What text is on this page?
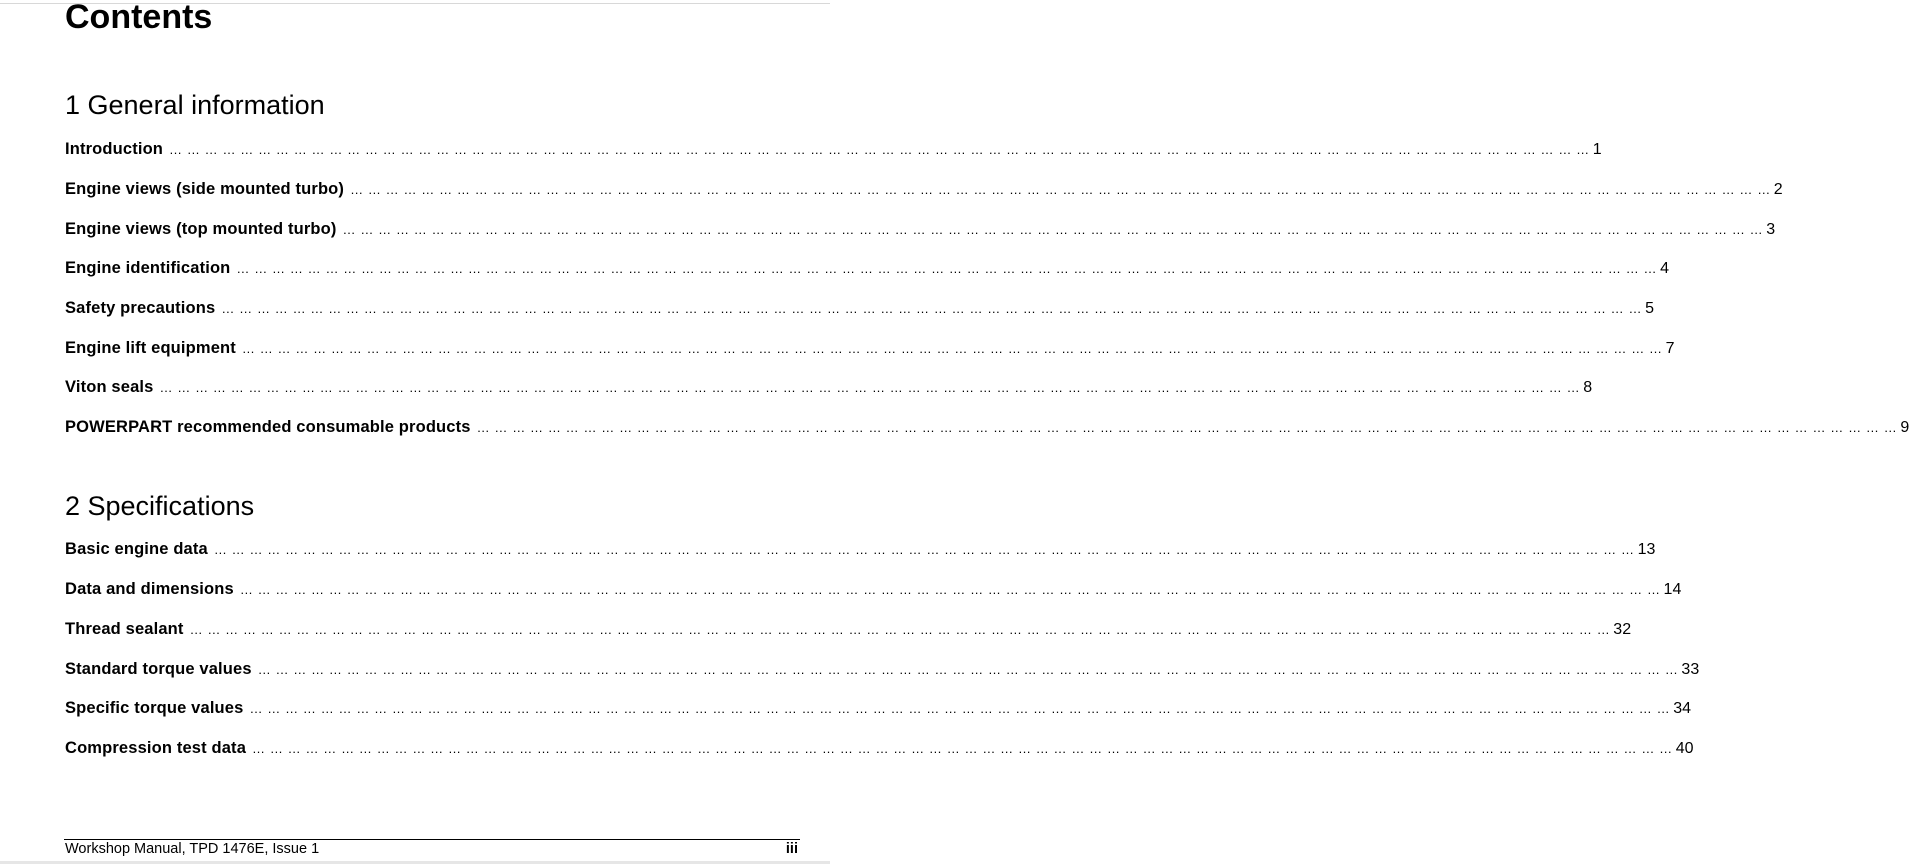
Contents
1 General information
Introduction … … … … … … … … … … … … … … … … … … … … … … … … … … … … … … … … … … … … … … … … … … … … … … … … … … … … … … … … … … … … … … … … … … … … … … … … … … … … … … … … 1
Engine views (side mounted turbo) … … … … … … … … … … … … … … … … … … … … … … … … … … … … … … … … … … … … … … … … … … … … … … … … … … … … … … … … … … … … … … … … … … … … … … … … … … … … … … … … 2
Engine views (top mounted turbo) … … … … … … … … … … … … … … … … … … … … … … … … … … … … … … … … … … … … … … … … … … … … … … … … … … … … … … … … … … … … … … … … … … … … … … … … … … … … … … … … 3
Engine identification … … … … … … … … … … … … … … … … … … … … … … … … … … … … … … … … … … … … … … … … … … … … … … … … … … … … … … … … … … … … … … … … … … … … … … … … … … … … … … … … 4
Safety precautions … … … … … … … … … … … … … … … … … … … … … … … … … … … … … … … … … … … … … … … … … … … … … … … … … … … … … … … … … … … … … … … … … … … … … … … … … … … … … … … … 5
Engine lift equipment … … … … … … … … … … … … … … … … … … … … … … … … … … … … … … … … … … … … … … … … … … … … … … … … … … … … … … … … … … … … … … … … … … … … … … … … … … … … … … … … 7
Viton seals … … … … … … … … … … … … … … … … … … … … … … … … … … … … … … … … … … … … … … … … … … … … … … … … … … … … … … … … … … … … … … … … … … … … … … … … … … … … … … … … 8
POWERPART recommended consumable products … … … … … … … … … … … … … … … … … … … … … … … … … … … … … … … … … … … … … … … … … … … … … … … … … … … … … … … … … … … … … … … … … … … … … … … … … … … … … … … … 9
2 Specifications
Basic engine data … … … … … … … … … … … … … … … … … … … … … … … … … … … … … … … … … … … … … … … … … … … … … … … … … … … … … … … … … … … … … … … … … … … … … … … … … … … … … … … … 13
Data and dimensions … … … … … … … … … … … … … … … … … … … … … … … … … … … … … … … … … … … … … … … … … … … … … … … … … … … … … … … … … … … … … … … … … … … … … … … … … … … … … … … … 14
Thread sealant … … … … … … … … … … … … … … … … … … … … … … … … … … … … … … … … … … … … … … … … … … … … … … … … … … … … … … … … … … … … … … … … … … … … … … … … … … … … … … … … 32
Standard torque values … … … … … … … … … … … … … … … … … … … … … … … … … … … … … … … … … … … … … … … … … … … … … … … … … … … … … … … … … … … … … … … … … … … … … … … … … … … … … … … … 33
Specific torque values … … … … … … … … … … … … … … … … … … … … … … … … … … … … … … … … … … … … … … … … … … … … … … … … … … … … … … … … … … … … … … … … … … … … … … … … … … … … … … … … 34
Compression test data … … … … … … … … … … … … … … … … … … … … … … … … … … … … … … … … … … … … … … … … … … … … … … … … … … … … … … … … … … … … … … … … … … … … … … … … … … … … … … … … 40
Workshop Manual, TPD 1476E, Issue 1	iii
